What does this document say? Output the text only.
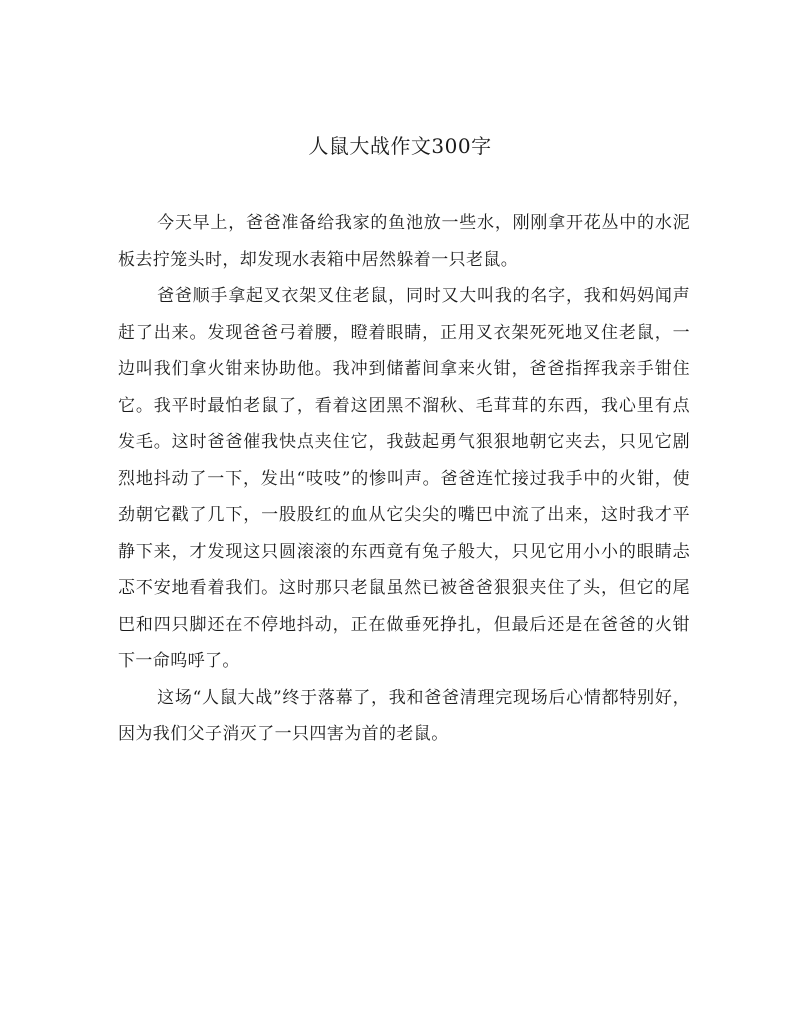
人鼠大战作文300字

今天早上，爸爸准备给我家的鱼池放一些水，刚刚拿开花丛中的水泥板去拧笼头时，却发现水表箱中居然躲着一只老鼠。

爸爸顺手拿起叉衣架叉住老鼠，同时又大叫我的名字，我和妈妈闻声赶了出来。发现爸爸弓着腰，瞪着眼睛，正用叉衣架死死地叉住老鼠，一边叫我们拿火钳来协助他。我冲到储蓄间拿来火钳，爸爸指挥我亲手钳住它。我平时最怕老鼠了，看着这团黑不溜秋、毛茸茸的东西，我心里有点发毛。这时爸爸催我快点夹住它，我鼓起勇气狠狠地朝它夹去，只见它剧烈地抖动了一下，发出“吱吱”的惨叫声。爸爸连忙接过我手中的火钳，使劲朝它戳了几下，一股股红的血从它尖尖的嘴巴中流了出来，这时我才平静下来，才发现这只圆滚滚的东西竟有兔子般大，只见它用小小的眼睛忐忑不安地看着我们。这时那只老鼠虽然已被爸爸狠狠夹住了头，但它的尾巴和四只脚还在不停地抖动，正在做垂死挣扎，但最后还是在爸爸的火钳下一命呜呼了。

这场“人鼠大战”终于落幕了，我和爸爸清理完现场后心情都特别好，因为我们父子消灭了一只四害为首的老鼠。
